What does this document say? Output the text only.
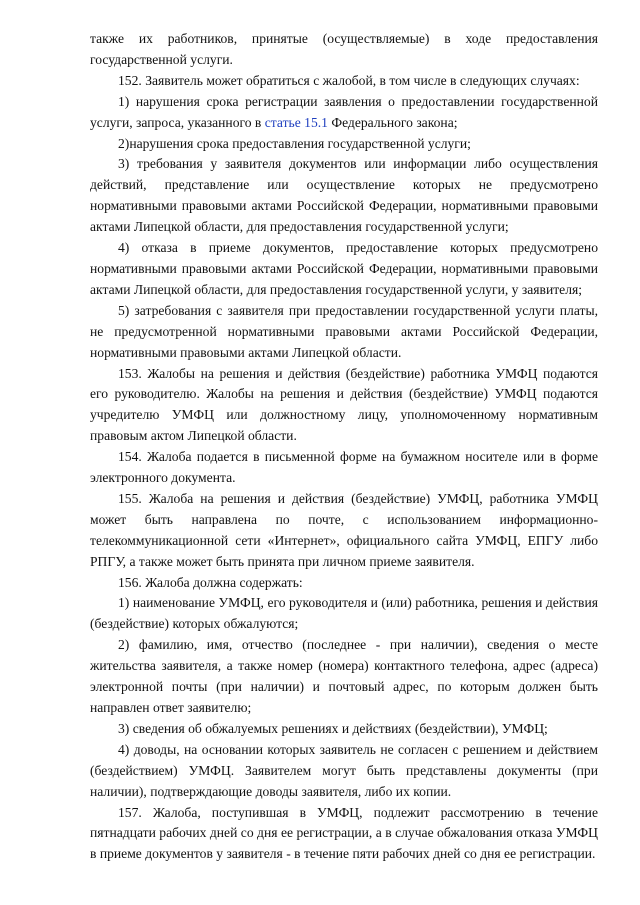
также их работников, принятые (осуществляемые) в ходе предоставления государственной услуги.

152. Заявитель может обратиться с жалобой, в том числе в следующих случаях:

1) нарушения срока регистрации заявления о предоставлении государственной услуги, запроса, указанного в статье 15.1 Федерального закона;

2)нарушения срока предоставления государственной услуги;

3) требования у заявителя документов или информации либо осуществления действий, представление или осуществление которых не предусмотрено нормативными правовыми актами Российской Федерации, нормативными правовыми актами Липецкой области, для предоставления государственной услуги;

4) отказа в приеме документов, предоставление которых предусмотрено нормативными правовыми актами Российской Федерации, нормативными правовыми актами Липецкой области, для предоставления государственной услуги, у заявителя;

5) затребования с заявителя при предоставлении государственной услуги платы, не предусмотренной нормативными правовыми актами Российской Федерации, нормативными правовыми актами Липецкой области.

153. Жалобы на решения и действия (бездействие) работника УМФЦ подаются его руководителю. Жалобы на решения и действия (бездействие) УМФЦ подаются учредителю УМФЦ или должностному лицу, уполномоченному нормативным правовым актом Липецкой области.

154. Жалоба подается в письменной форме на бумажном носителе или в форме электронного документа.

155. Жалоба на решения и действия (бездействие) УМФЦ, работника УМФЦ может быть направлена по почте, с использованием информационно-телекоммуникационной сети «Интернет», официального сайта УМФЦ, ЕПГУ либо РПГУ, а также может быть принята при личном приеме заявителя.

156. Жалоба должна содержать:

1) наименование УМФЦ, его руководителя и (или) работника, решения и действия (бездействие) которых обжалуются;

2) фамилию, имя, отчество (последнее - при наличии), сведения о месте жительства заявителя, а также номер (номера) контактного телефона, адрес (адреса) электронной почты (при наличии) и почтовый адрес, по которым должен быть направлен ответ заявителю;

3) сведения об обжалуемых решениях и действиях (бездействии), УМФЦ;

4) доводы, на основании которых заявитель не согласен с решением и действием (бездействием) УМФЦ. Заявителем могут быть представлены документы (при наличии), подтверждающие доводы заявителя, либо их копии.

157. Жалоба, поступившая в УМФЦ, подлежит рассмотрению в течение пятнадцати рабочих дней со дня ее регистрации, а в случае обжалования отказа УМФЦ в приеме документов у заявителя - в течение пяти рабочих дней со дня ее регистрации.
